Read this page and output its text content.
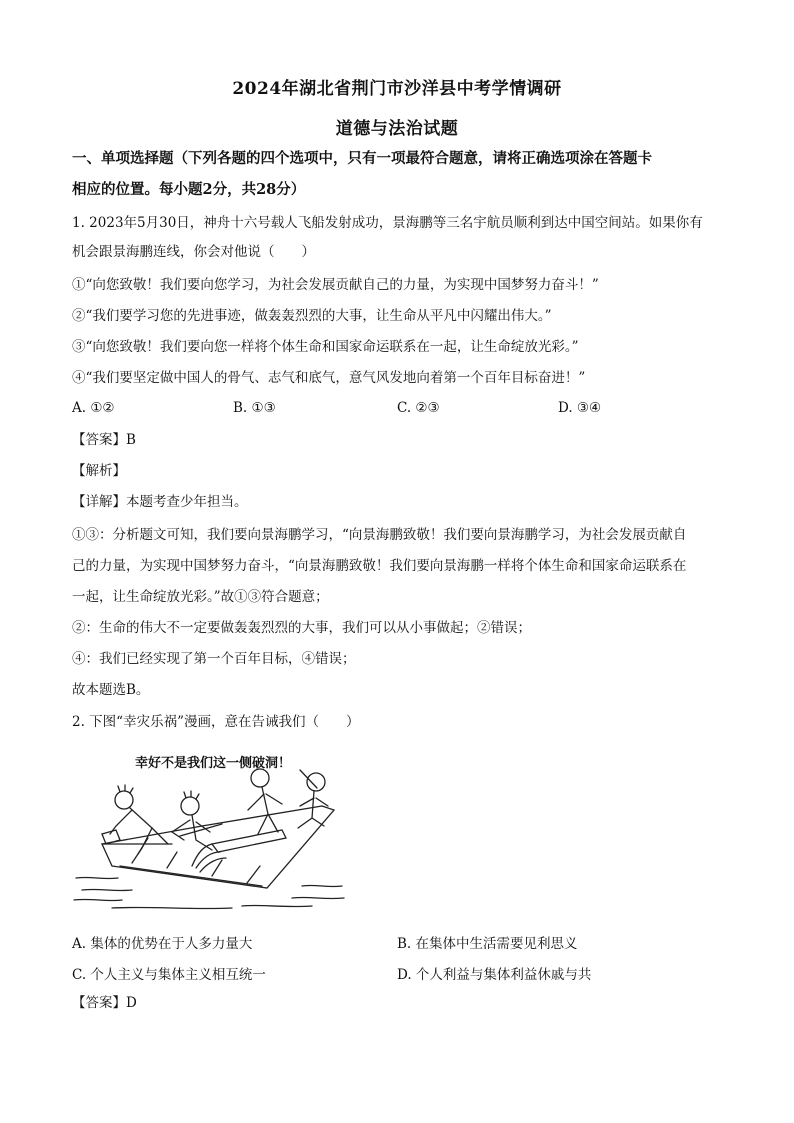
2024年湖北省荆门市沙洋县中考学情调研
道德与法治试题
一、单项选择题（下列各题的四个选项中，只有一项最符合题意，请将正确选项涂在答题卡
相应的位置。每小题2分，共28分）
1. 2023年5月30日，神舟十六号载人飞船发射成功，景海鹏等三名宇航员顺利到达中国空间站。如果你有
机会跟景海鹏连线，你会对他说（　　）
①“向您致敬！我们要向您学习，为社会发展贡献自己的力量，为实现中国梦努力奋斗！”
②“我们要学习您的先进事迹，做轰轰烈烈的大事，让生命从平凡中闪耀出伟大。”
③“向您致敬！我们要向您一样将个体生命和国家命运联系在一起，让生命绽放光彩。”
④“我们要坚定做中国人的骨气、志气和底气，意气风发地向着第一个百年目标奋进！”
A. ①②	B. ①③	C. ②③	D. ③④
【答案】B
【解析】
【详解】本题考查少年担当。
①③：分析题文可知，我们要向景海鹏学习，“向景海鹏致敬！我们要向景海鹏学习，为社会发展贡献自
己的力量，为实现中国梦努力奋斗，“向景海鹏致敬！我们要向景海鹏一样将个体生命和国家命运联系在
一起，让生命绽放光彩。”故①③符合题意；
②：生命的伟大不一定要做轰轰烈烈的大事，我们可以从小事做起；②错误；
④：我们已经实现了第一个百年目标，④错误；
故本题选B。
2. 下图“幸灾乐祸”漫画，意在告诫我们（　　）
幸好不是我们这一侧破洞！
A. 集体的优势在于人多力量大	B. 在集体中生活需要见利思义
C. 个人主义与集体主义相互统一	D. 个人利益与集体利益休戚与共
【答案】D
